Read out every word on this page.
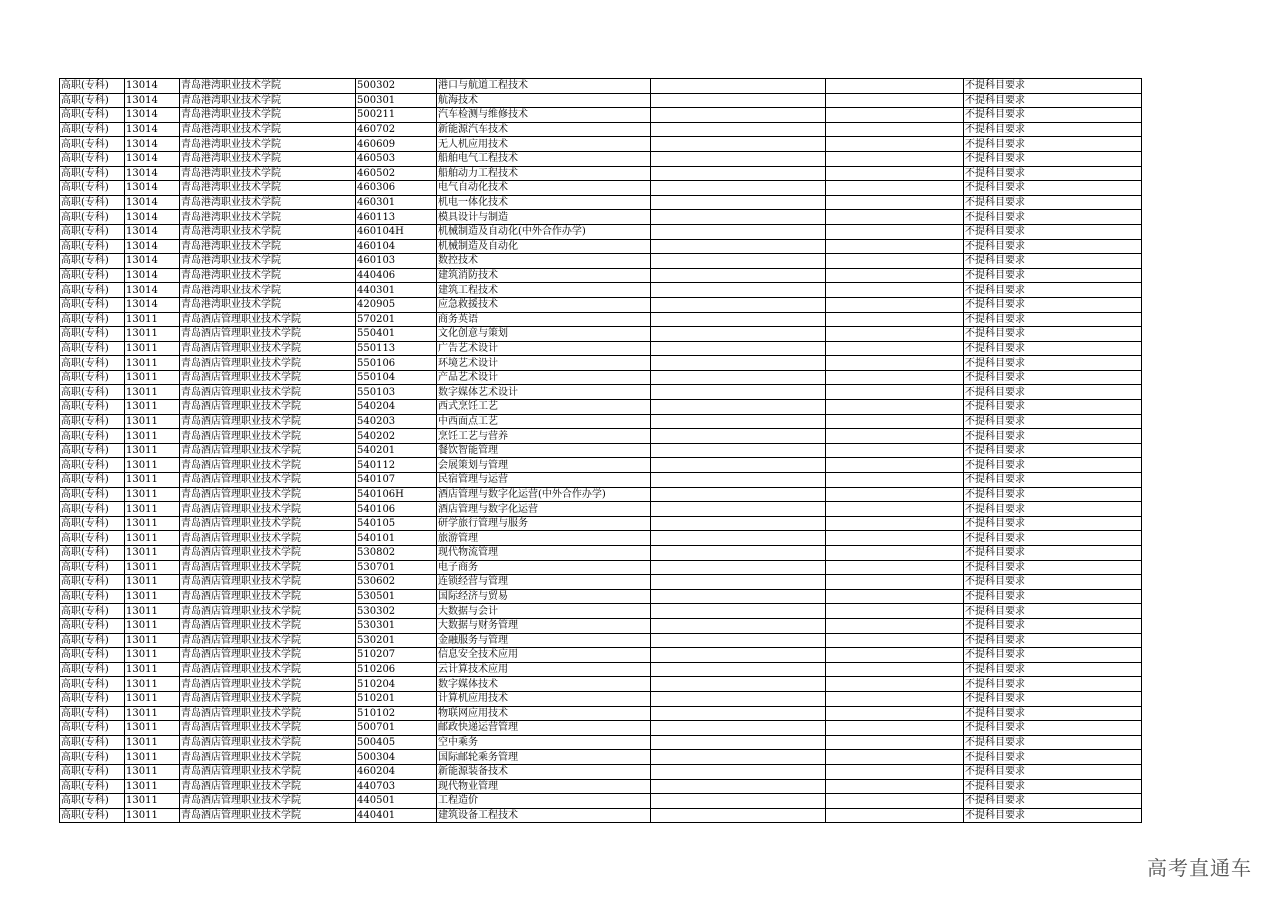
高职(专科)	13014	青岛港湾职业技术学院	500302	港口与航道工程技术			不提科目要求
高职(专科)	13014	青岛港湾职业技术学院	500301	航海技术			不提科目要求
高职(专科)	13014	青岛港湾职业技术学院	500211	汽车检测与维修技术			不提科目要求
高职(专科)	13014	青岛港湾职业技术学院	460702	新能源汽车技术			不提科目要求
高职(专科)	13014	青岛港湾职业技术学院	460609	无人机应用技术			不提科目要求
高职(专科)	13014	青岛港湾职业技术学院	460503	船舶电气工程技术			不提科目要求
高职(专科)	13014	青岛港湾职业技术学院	460502	船舶动力工程技术			不提科目要求
高职(专科)	13014	青岛港湾职业技术学院	460306	电气自动化技术			不提科目要求
高职(专科)	13014	青岛港湾职业技术学院	460301	机电一体化技术			不提科目要求
高职(专科)	13014	青岛港湾职业技术学院	460113	模具设计与制造			不提科目要求
高职(专科)	13014	青岛港湾职业技术学院	460104H	机械制造及自动化(中外合作办学)			不提科目要求
高职(专科)	13014	青岛港湾职业技术学院	460104	机械制造及自动化			不提科目要求
高职(专科)	13014	青岛港湾职业技术学院	460103	数控技术			不提科目要求
高职(专科)	13014	青岛港湾职业技术学院	440406	建筑消防技术			不提科目要求
高职(专科)	13014	青岛港湾职业技术学院	440301	建筑工程技术			不提科目要求
高职(专科)	13014	青岛港湾职业技术学院	420905	应急救援技术			不提科目要求
高职(专科)	13011	青岛酒店管理职业技术学院	570201	商务英语			不提科目要求
高职(专科)	13011	青岛酒店管理职业技术学院	550401	文化创意与策划			不提科目要求
高职(专科)	13011	青岛酒店管理职业技术学院	550113	广告艺术设计			不提科目要求
高职(专科)	13011	青岛酒店管理职业技术学院	550106	环境艺术设计			不提科目要求
高职(专科)	13011	青岛酒店管理职业技术学院	550104	产品艺术设计			不提科目要求
高职(专科)	13011	青岛酒店管理职业技术学院	550103	数字媒体艺术设计			不提科目要求
高职(专科)	13011	青岛酒店管理职业技术学院	540204	西式烹饪工艺			不提科目要求
高职(专科)	13011	青岛酒店管理职业技术学院	540203	中西面点工艺			不提科目要求
高职(专科)	13011	青岛酒店管理职业技术学院	540202	烹饪工艺与营养			不提科目要求
高职(专科)	13011	青岛酒店管理职业技术学院	540201	餐饮智能管理			不提科目要求
高职(专科)	13011	青岛酒店管理职业技术学院	540112	会展策划与管理			不提科目要求
高职(专科)	13011	青岛酒店管理职业技术学院	540107	民宿管理与运营			不提科目要求
高职(专科)	13011	青岛酒店管理职业技术学院	540106H	酒店管理与数字化运营(中外合作办学)			不提科目要求
高职(专科)	13011	青岛酒店管理职业技术学院	540106	酒店管理与数字化运营			不提科目要求
高职(专科)	13011	青岛酒店管理职业技术学院	540105	研学旅行管理与服务			不提科目要求
高职(专科)	13011	青岛酒店管理职业技术学院	540101	旅游管理			不提科目要求
高职(专科)	13011	青岛酒店管理职业技术学院	530802	现代物流管理			不提科目要求
高职(专科)	13011	青岛酒店管理职业技术学院	530701	电子商务			不提科目要求
高职(专科)	13011	青岛酒店管理职业技术学院	530602	连锁经营与管理			不提科目要求
高职(专科)	13011	青岛酒店管理职业技术学院	530501	国际经济与贸易			不提科目要求
高职(专科)	13011	青岛酒店管理职业技术学院	530302	大数据与会计			不提科目要求
高职(专科)	13011	青岛酒店管理职业技术学院	530301	大数据与财务管理			不提科目要求
高职(专科)	13011	青岛酒店管理职业技术学院	530201	金融服务与管理			不提科目要求
高职(专科)	13011	青岛酒店管理职业技术学院	510207	信息安全技术应用			不提科目要求
高职(专科)	13011	青岛酒店管理职业技术学院	510206	云计算技术应用			不提科目要求
高职(专科)	13011	青岛酒店管理职业技术学院	510204	数字媒体技术			不提科目要求
高职(专科)	13011	青岛酒店管理职业技术学院	510201	计算机应用技术			不提科目要求
高职(专科)	13011	青岛酒店管理职业技术学院	510102	物联网应用技术			不提科目要求
高职(专科)	13011	青岛酒店管理职业技术学院	500701	邮政快递运营管理			不提科目要求
高职(专科)	13011	青岛酒店管理职业技术学院	500405	空中乘务			不提科目要求
高职(专科)	13011	青岛酒店管理职业技术学院	500304	国际邮轮乘务管理			不提科目要求
高职(专科)	13011	青岛酒店管理职业技术学院	460204	新能源装备技术			不提科目要求
高职(专科)	13011	青岛酒店管理职业技术学院	440703	现代物业管理			不提科目要求
高职(专科)	13011	青岛酒店管理职业技术学院	440501	工程造价			不提科目要求
高职(专科)	13011	青岛酒店管理职业技术学院	440401	建筑设备工程技术			不提科目要求
高考直通车
